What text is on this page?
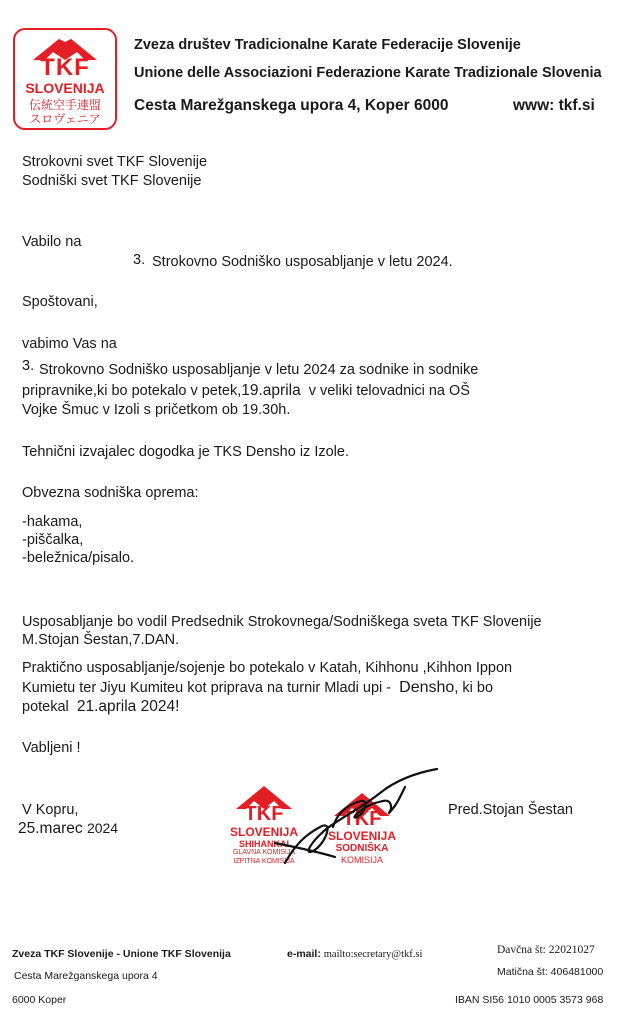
TKF
SLOVENIJA
伝統空手連盟
スロヴェニア
Zveza društev Tradicionalne Karate Federacije Slovenije
Unione delle Associazioni Federazione Karate Tradizionale Slovenia
Cesta Marežganskega upora 4, Koper 6000	www: tkf.si
Strokovni svet TKF Slovenije
Sodniški svet TKF Slovenije
Vabilo na
3. Strokovno Sodniško usposabljanje v letu 2024.
Spoštovani,
vabimo Vas na
3. Strokovno Sodniško usposabljanje v letu 2024 za sodnike in sodnike
pripravnike,ki bo potekalo v petek,19.aprila v veliki telovadnici na OŠ
Vojke Šmuc v Izoli s pričetkom ob 19.30h.
Tehnični izvajalec dogodka je TKS Densho iz Izole.
Obvezna sodniška oprema:
-hakama,
-piščalka,
-beležnica/pisalo.
Usposabljanje bo vodil Predsednik Strokovnega/Sodniškega sveta TKF Slovenije
M.Stojan Šestan,7.DAN.
Praktično usposabljanje/sojenje bo potekalo v Katah, Kihhonu ,Kihhon Ippon
Kumietu ter Jiyu Kumiteu kot priprava na turnir Mladi upi - Densho, ki bo
potekal 21.aprila 2024!
Vabljeni !
V Kopru,
25.marec 2024
Pred.Stojan Šestan
TKF
SLOVENIJA
SHIHANKAI
GLAVNA KOMISIJA
IZPITNA KOMISIJA
TKF
SLOVENIJA
SODNIŠKA
KOMISIJA
Zveza TKF Slovenije - Unione TKF Slovenija	e-mail: mailto:secretary@tkf.si	Davčna št: 22021027
Cesta Marežganskega upora 4	Matična št: 406481000
6000 Koper	IBAN SI56 1010 0005 3573 968
